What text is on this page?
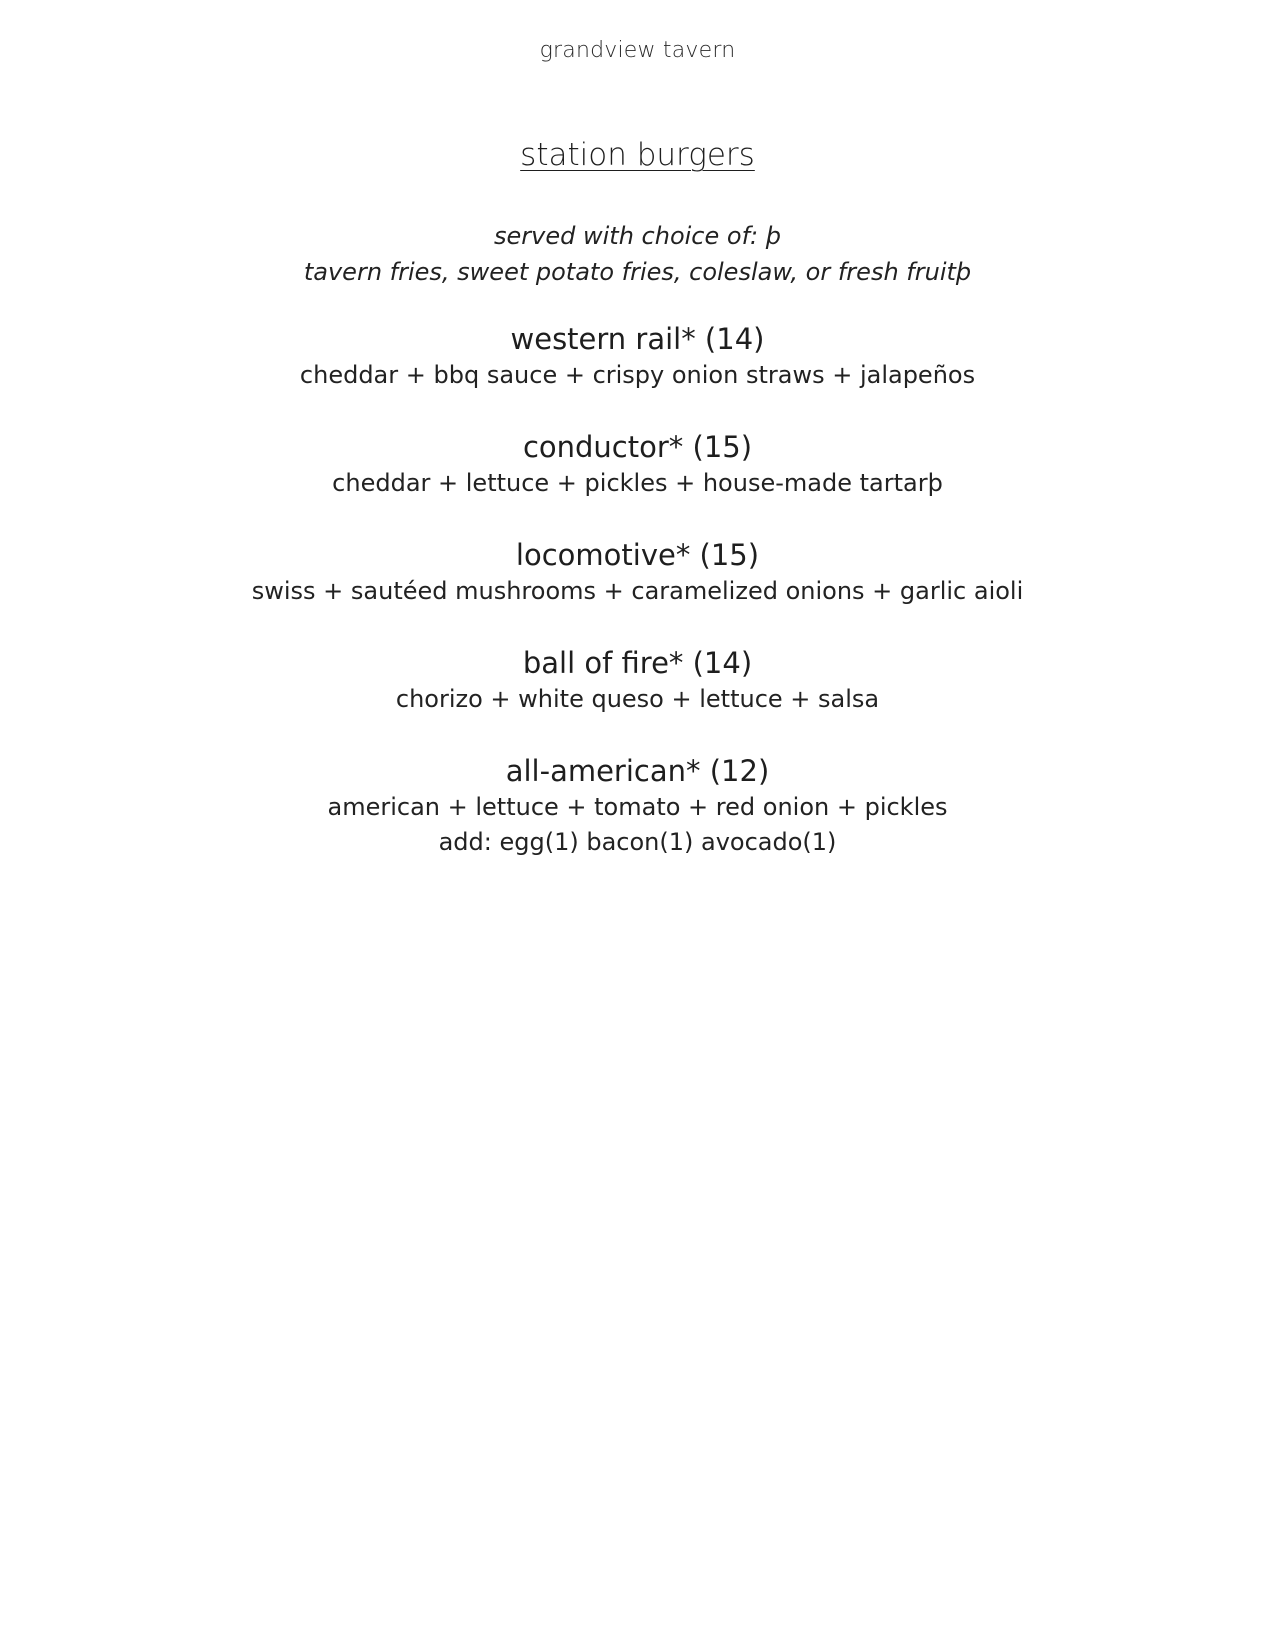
grandview tavern
station burgers
served with choice of: þ
tavern fries, sweet potato fries, coleslaw, or fresh fruitþ
western rail* (14)
cheddar + bbq sauce + crispy onion straws + jalapeños
conductor* (15)
cheddar + lettuce + pickles + house-made tartarþ
locomotive* (15)
swiss + sautéed mushrooms + caramelized onions + garlic aioli
ball of fire* (14)
chorizo + white queso + lettuce + salsa
all-american* (12)
american + lettuce + tomato + red onion + pickles
add: egg(1) bacon(1) avocado(1)
